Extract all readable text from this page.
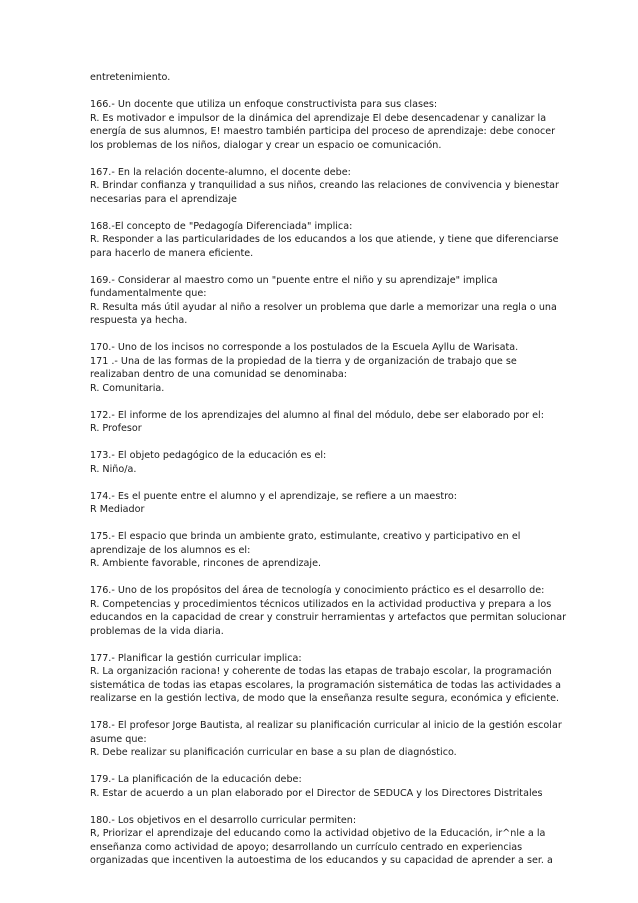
entretenimiento.
166.- Un docente que utiliza un enfoque constructivista para sus clases:
R. Es motivador e impulsor de la dinámica del aprendizaje El debe desencadenar y canalizar la
energía de sus alumnos, E! maestro también participa del proceso de aprendizaje: debe conocer
los problemas de los niños, dialogar y crear un espacio oe comunicación.
167.- En la relación docente-alumno, el docente debe:
R. Brindar confianza y tranquilidad a sus niños, creando las relaciones de convivencia y bienestar
necesarias para el aprendizaje
168.-El concepto de "Pedagogía Diferenciada" implica:
R. Responder a las particularidades de los educandos a los que atiende, y tiene que diferenciarse
para hacerlo de manera eficiente.
169.- Considerar al maestro como un "puente entre el niño y su aprendizaje" implica
fundamentalmente que:
R. Resulta más útil ayudar al niño a resolver un problema que darle a memorizar una regla o una
respuesta ya hecha.
170.- Uno de los incisos no corresponde a los postulados de la Escuela Ayllu de Warisata.
171 .- Una de las formas de la propiedad de la tierra y de organización de trabajo que se
realizaban dentro de una comunidad se denominaba:
R. Comunitaria.
172.- El informe de los aprendizajes del alumno al final del módulo, debe ser elaborado por el:
R. Profesor
173.- El objeto pedagógico de la educación es el:
R. Niño/a.
174.- Es el puente entre el alumno y el aprendizaje, se refiere a un maestro:
R Mediador
175.- El espacio que brinda un ambiente grato, estimulante, creativo y participativo en el
aprendizaje de los alumnos es el:
R. Ambiente favorable, rincones de aprendizaje.
176.- Uno de los propósitos del área de tecnología y conocimiento práctico es el desarrollo de:
R. Competencias y procedimientos técnicos utilizados en la actividad productiva y prepara a los
educandos en la capacidad de crear y construir herramientas y artefactos que permitan solucionar
problemas de la vida diaria.
177.- Planificar la gestión curricular implica:
R. La organización raciona! y coherente de todas las etapas de trabajo escolar, la programación
sistemática de todas ias etapas escolares, la programación sistemática de todas las actividades a
realizarse en la gestión lectiva, de modo que la enseñanza resulte segura, económica y eficiente.
178.- El profesor Jorge Bautista, al realizar su planificación curricular al inicio de la gestión escolar
asume que:
R. Debe realizar su planificación curricular en base a su plan de diagnóstico.
179.- La planificación de la educación debe:
R. Estar de acuerdo a un plan elaborado por el Director de SEDUCA y los Directores Distritales
180.- Los objetivos en el desarrollo curricular permiten:
R, Priorizar el aprendizaje del educando como la actividad objetivo de la Educación, ir^nle a la
enseñanza como actividad de apoyo; desarrollando un currículo centrado en experiencias
organizadas que incentiven la autoestima de los educandos y su capacidad de aprender a ser. a
